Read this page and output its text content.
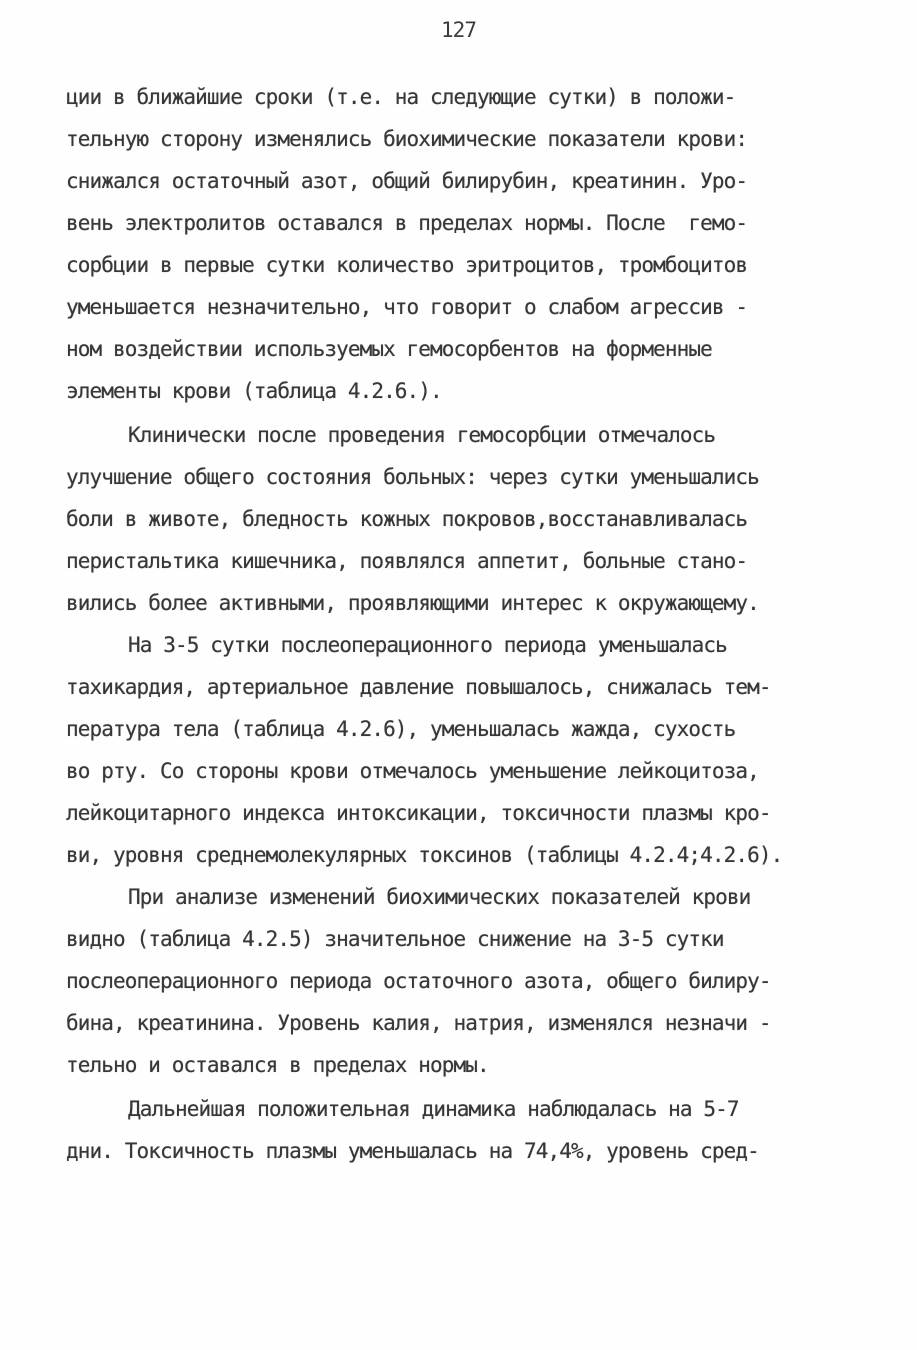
127

ции в ближайшие сроки (т.е. на следующие сутки) в положи-

тельную сторону изменялись биохимические показатели крови:

снижался остаточный азот, общий билирубин, креатинин. Уро-

вень электролитов оставался в пределах нормы. После  гемо-

сорбции в первые сутки количество эритроцитов, тромбоцитов

уменьшается незначительно, что говорит о слабом агрессив -

ном воздействии используемых гемосорбентов на форменные

элементы крови (таблица 4.2.6.).

Клинически после проведения гемосорбции отмечалось

улучшение общего состояния больных: через сутки уменьшались

боли в животе, бледность кожных покровов,восстанавливалась

перистальтика кишечника, появлялся аппетит, больные стано-

вились более активными, проявляющими интерес к окружающему.

На 3-5 сутки послеоперационного периода уменьшалась

тахикардия, артериальное давление повышалось, снижалась тем-

пература тела (таблица 4.2.6), уменьшалась жажда, сухость

во рту. Со стороны крови отмечалось уменьшение лейкоцитоза,

лейкоцитарного индекса интоксикации, токсичности плазмы кро-

ви, уровня среднемолекулярных токсинов (таблицы 4.2.4;4.2.6).

При анализе изменений биохимических показателей крови

видно (таблица 4.2.5) значительное снижение на 3-5 сутки

послеоперационного периода остаточного азота, общего билиру-

бина, креатинина. Уровень калия, натрия, изменялся незначи -

тельно и оставался в пределах нормы.

Дальнейшая положительная динамика наблюдалась на 5-7

дни. Токсичность плазмы уменьшалась на 74,4%, уровень сред-
